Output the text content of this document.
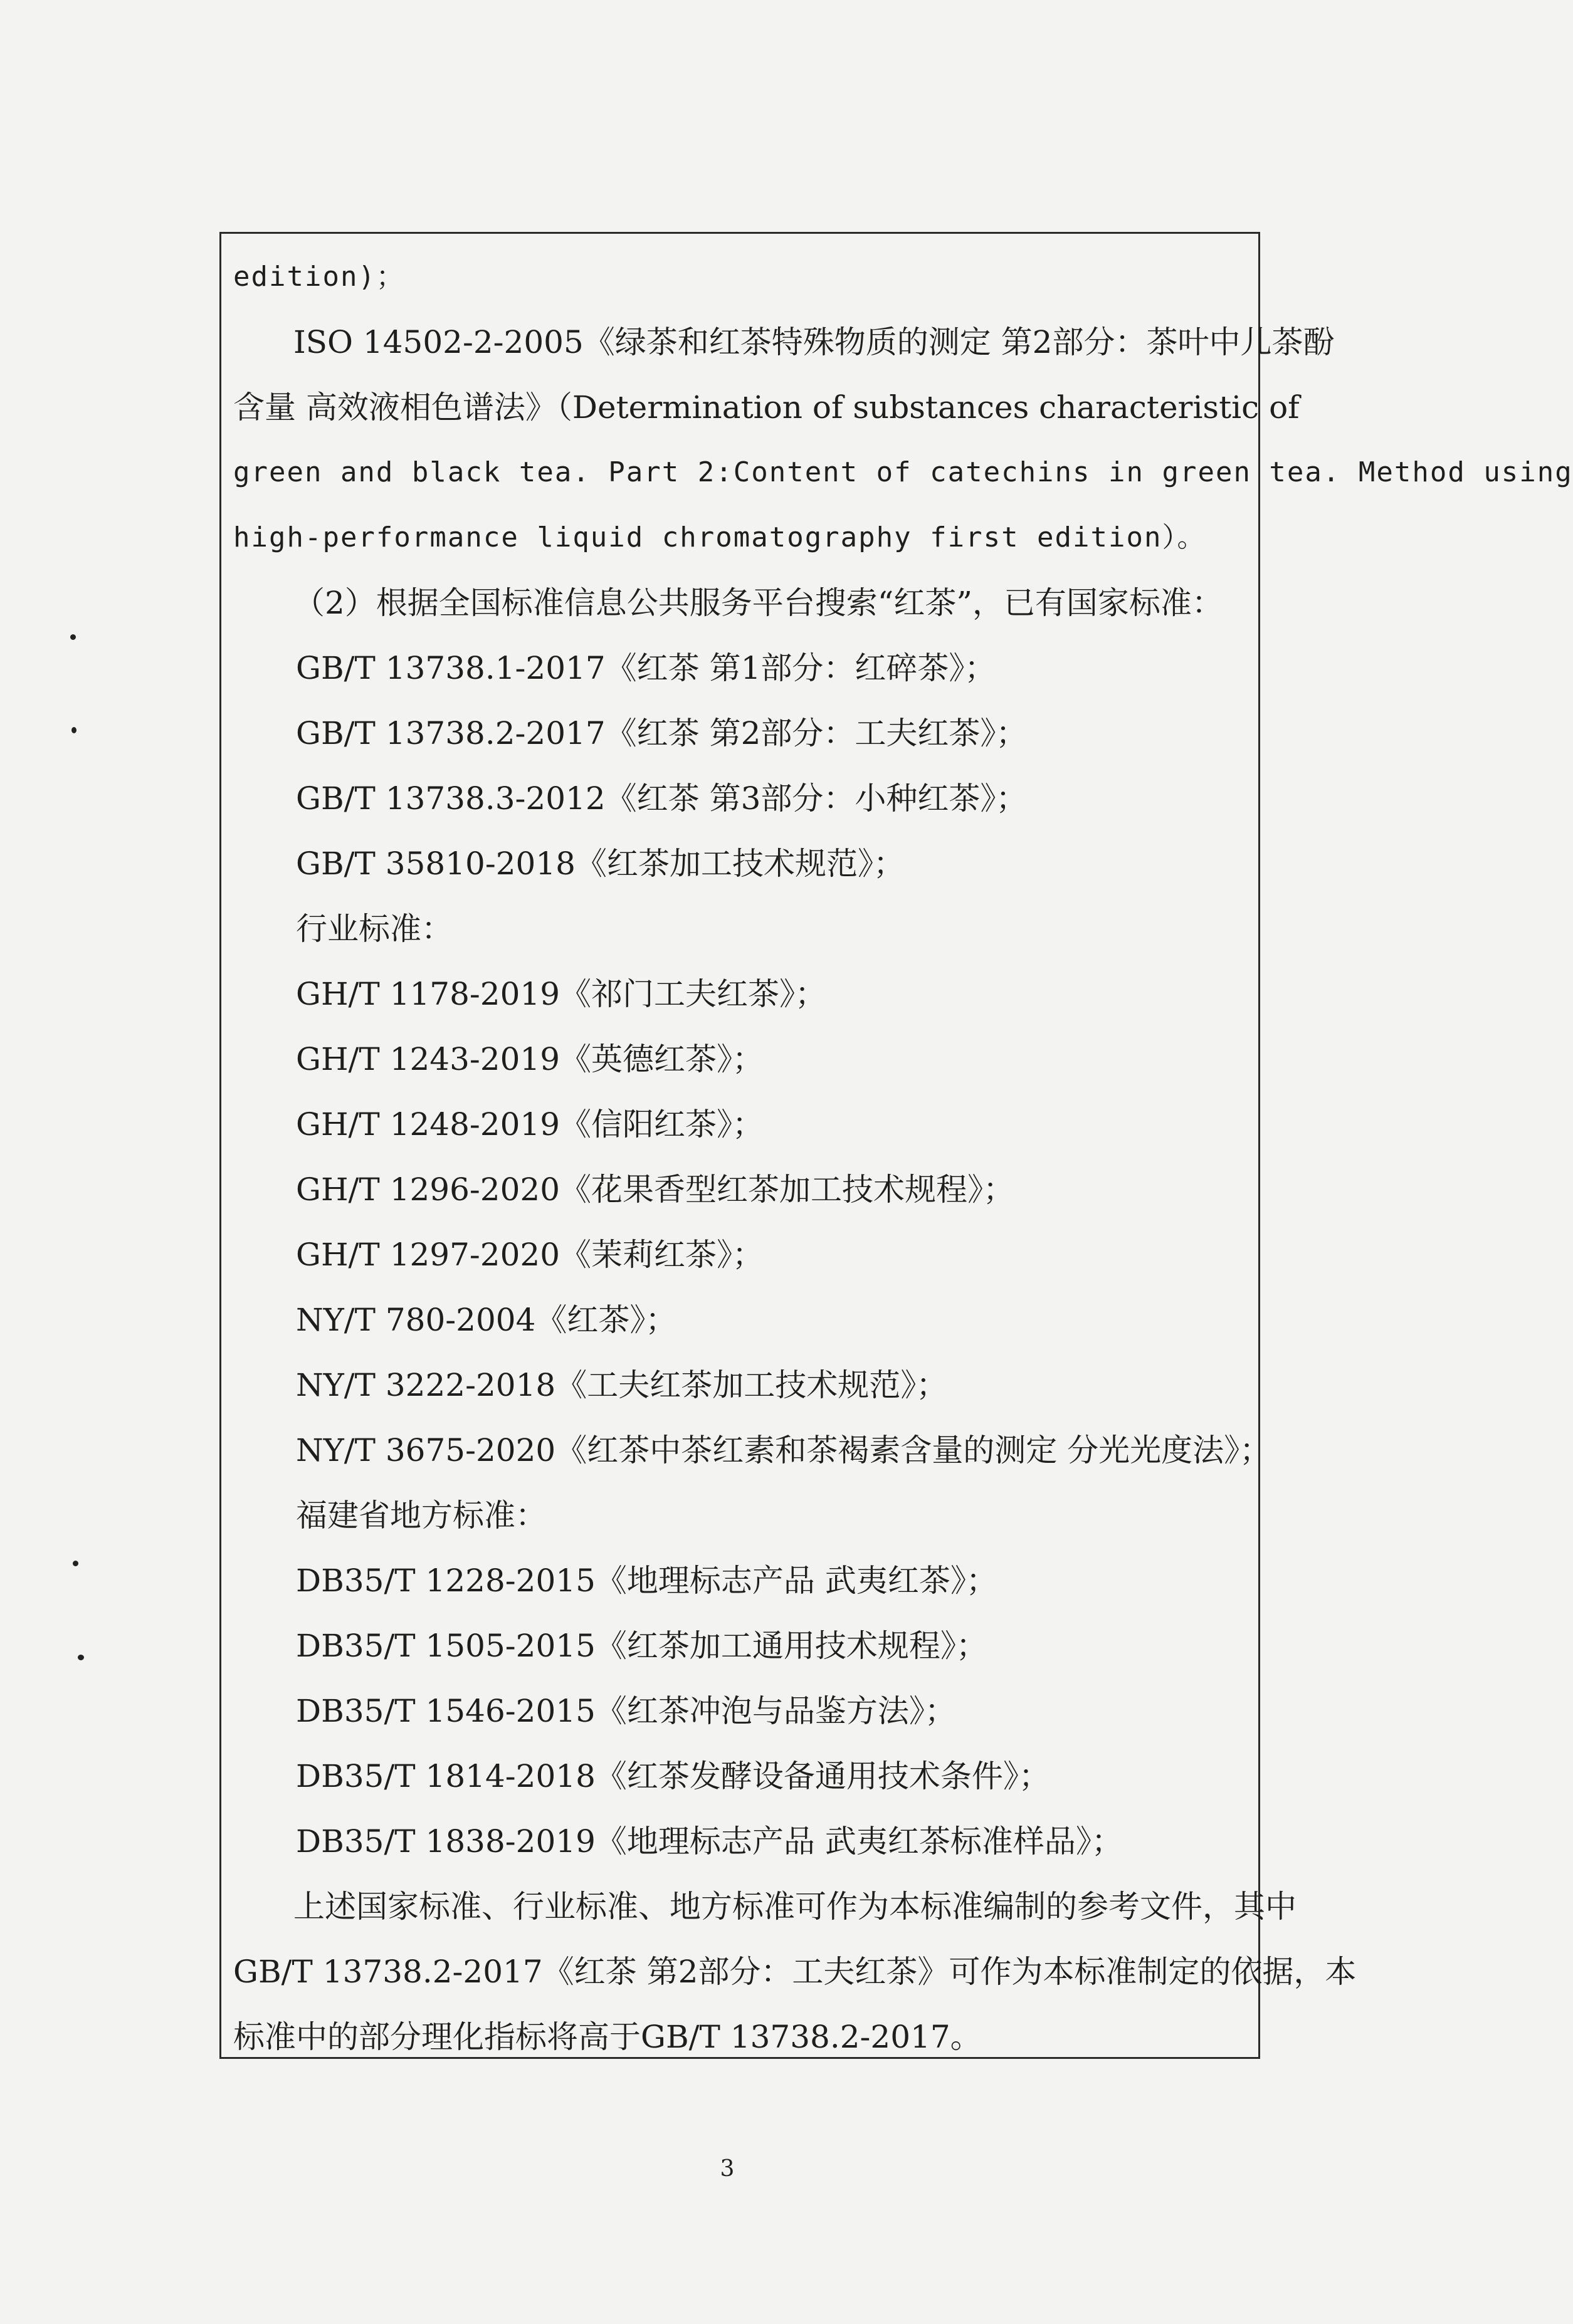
edition)；
ISO 14502-2-2005《绿茶和红茶特殊物质的测定 第2部分：茶叶中儿茶酚
含量 高效液相色谱法》（Determination of substances characteristic of
green and black tea. Part 2:Content of catechins in green tea. Method using
high-performance liquid chromatography first edition）。
（2）根据全国标准信息公共服务平台搜索“红茶”，已有国家标准：
GB/T 13738.1-2017《红茶 第1部分：红碎茶》；
GB/T 13738.2-2017《红茶 第2部分：工夫红茶》；
GB/T 13738.3-2012《红茶 第3部分：小种红茶》；
GB/T 35810-2018《红茶加工技术规范》；
行业标准：
GH/T 1178-2019《祁门工夫红茶》；
GH/T 1243-2019《英德红茶》；
GH/T 1248-2019《信阳红茶》；
GH/T 1296-2020《花果香型红茶加工技术规程》；
GH/T 1297-2020《茉莉红茶》；
NY/T 780-2004《红茶》；
NY/T 3222-2018《工夫红茶加工技术规范》；
NY/T 3675-2020《红茶中茶红素和茶褐素含量的测定 分光光度法》；
福建省地方标准：
DB35/T 1228-2015《地理标志产品 武夷红茶》；
DB35/T 1505-2015《红茶加工通用技术规程》；
DB35/T 1546-2015《红茶冲泡与品鉴方法》；
DB35/T 1814-2018《红茶发酵设备通用技术条件》；
DB35/T 1838-2019《地理标志产品 武夷红茶标准样品》；
上述国家标准、行业标准、地方标准可作为本标准编制的参考文件，其中
GB/T 13738.2-2017《红茶 第2部分：工夫红茶》可作为本标准制定的依据，本
标准中的部分理化指标将高于GB/T 13738.2-2017。
3
